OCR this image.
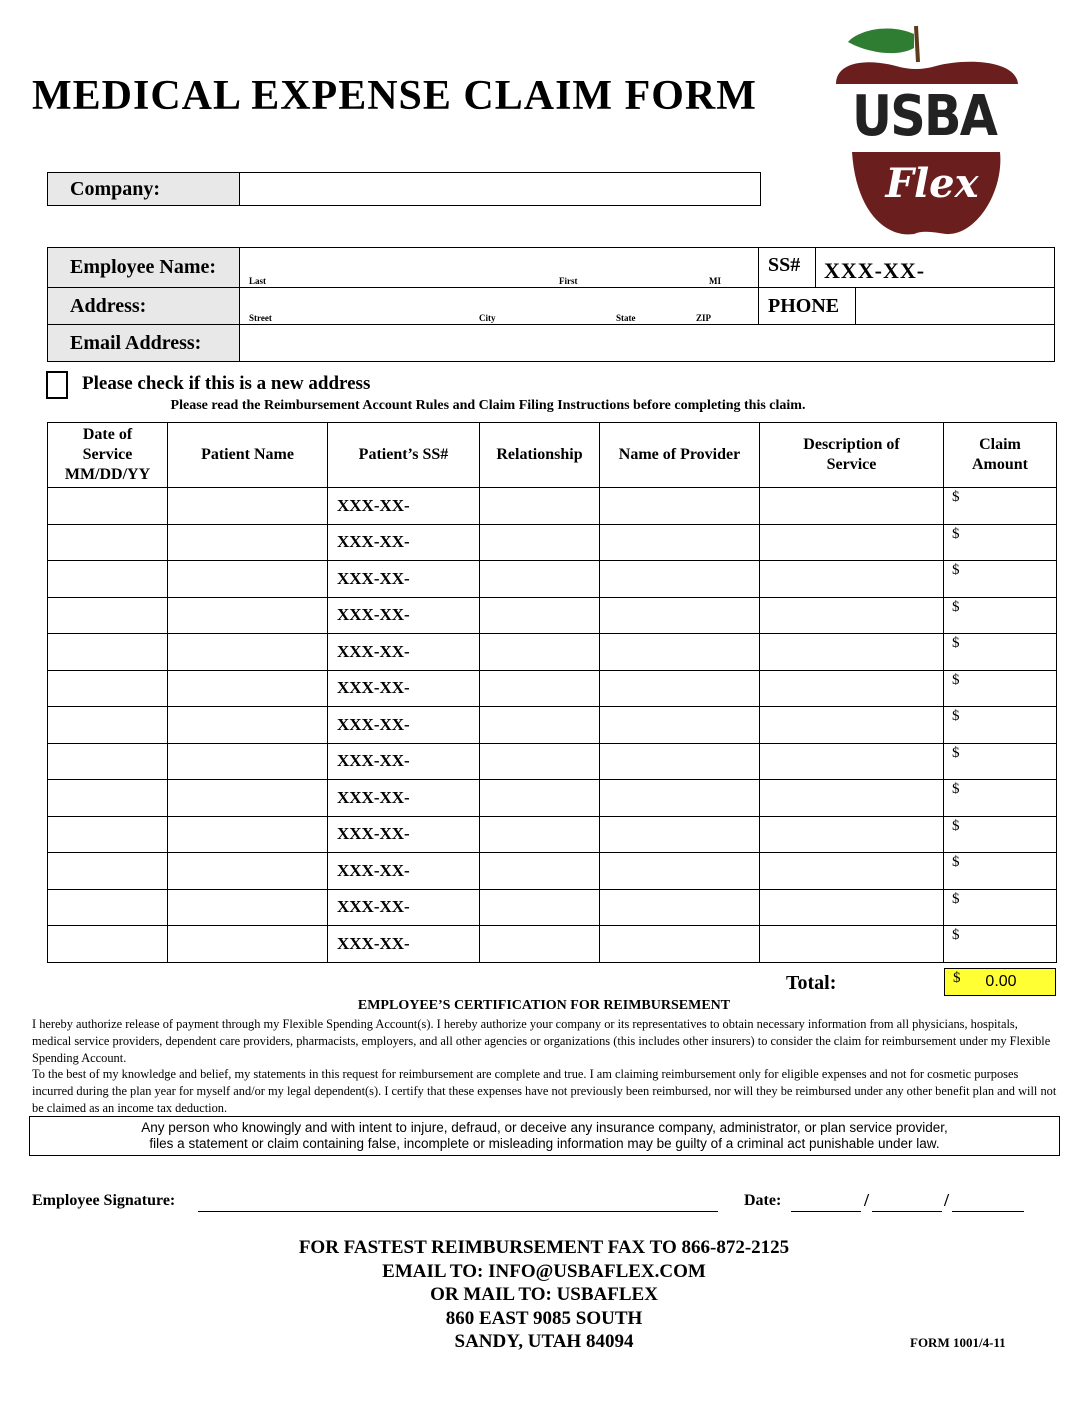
MEDICAL EXPENSE CLAIM FORM USBA
Flex
Company:
Employee Name:
Last	First	MI
SS#	XXX-XX-
Address:
Street	City	State	ZIP
PHONE
Email Address:
Please check if this is a new address
Please read the Reimbursement Account Rules and Claim Filing Instructions before completing this claim.
Date of Service MM/DD/YY	Patient Name	Patient’s SS#	Relationship	Name of Provider	Description of Service	Claim Amount
		XXX-XX-				$

		XXX-XX-				$

		XXX-XX-				$

		XXX-XX-				$

		XXX-XX-				$

		XXX-XX-				$

		XXX-XX-				$

		XXX-XX-				$

		XXX-XX-				$

		XXX-XX-				$

		XXX-XX-				$

		XXX-XX-				$

		XXX-XX-				$
Total:	$	0.00
EMPLOYEE’S CERTIFICATION FOR REIMBURSEMENT

I hereby authorize release of payment through my Flexible Spending Account(s). I hereby authorize your company or its representatives to obtain necessary information from all physicians, hospitals, medical service providers, dependent care providers, pharmacists, employers, and all other agencies or organizations (this includes other insurers) to consider the claim for reimbursement under my Flexible Spending Account.

To the best of my knowledge and belief, my statements in this request for reimbursement are complete and true. I am claiming reimbursement only for eligible expenses and not for cosmetic purposes incurred during the plan year for myself and/or my legal dependent(s). I certify that these expenses have not previously been reimbursed, nor will they be reimbursed under any other benefit plan and will not be claimed as an income tax deduction.

Any person who knowingly and with intent to injure, defraud, or deceive any insurance company, administrator, or plan service provider,
files a statement or claim containing false, incomplete or misleading information may be guilty of a criminal act punishable under law.
Employee Signature:	Date:	/	/
FOR FASTEST REIMBURSEMENT FAX TO 866-872-2125
EMAIL TO: INFO@USBAFLEX.COM
OR MAIL TO: USBAFLEX
860 EAST 9085 SOUTH
SANDY, UTAH 84094	FORM 1001/4-11
